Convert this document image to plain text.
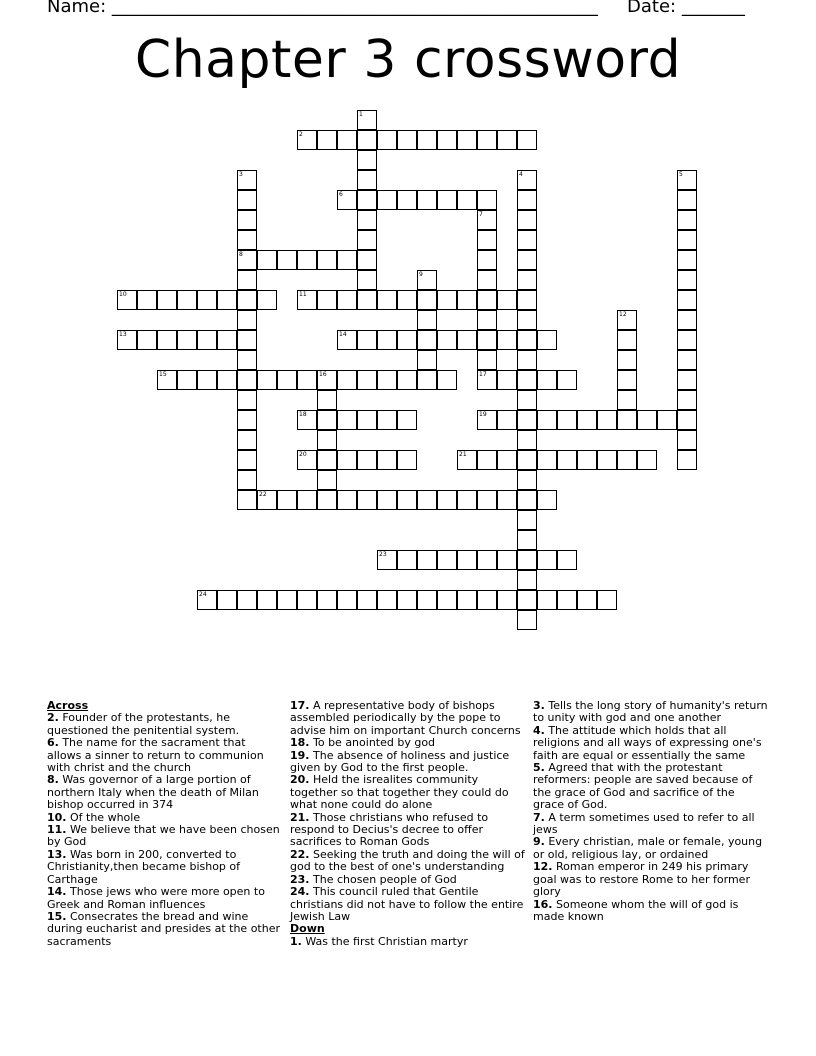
Name: ______________________________________________________ Date: _______
Chapter 3 crossword
1
2
3
8
4	5
6
7
9
10	11
12
13	14
15	16	17
18	19
20	21
22
23
24
Across
2. Founder of the protestants, he questioned the penitential system.
6. The name for the sacrament that allows a sinner to return to communion with christ and the church
8. Was governor of a large portion of northern Italy when the death of Milan bishop occurred in 374
10. Of the whole
11. We believe that we have been chosen by God
13. Was born in 200, converted to Christianity,then became bishop of Carthage
14. Those jews who were more open to Greek and Roman influences
15. Consecrates the bread and wine during eucharist and presides at the other sacraments
17. A representative body of bishops assembled periodically by the pope to advise him on important Church concerns
18. To be anointed by god
19. The absence of holiness and justice given by God to the first people.
20. Held the isrealites community together so that together they could do what none could do alone
21. Those christians who refused to respond to Decius's decree to offer sacrifices to Roman Gods
22. Seeking the truth and doing the will of god to the best of one's understanding
23. The chosen people of God
24. This council ruled that Gentile christians did not have to follow the entire Jewish Law
Down
1. Was the first Christian martyr
3. Tells the long story of humanity's return to unity with god and one another
4. The attitude which holds that all religions and all ways of expressing one's faith are equal or essentially the same
5. Agreed that with the protestant reformers: people are saved because of the grace of God and sacrifice of the grace of God.
7. A term sometimes used to refer to all jews
9. Every christian, male or female, young or old, religious lay, or ordained
12. Roman emperor in 249 his primary goal was to restore Rome to her former glory
16. Someone whom the will of god is made known
